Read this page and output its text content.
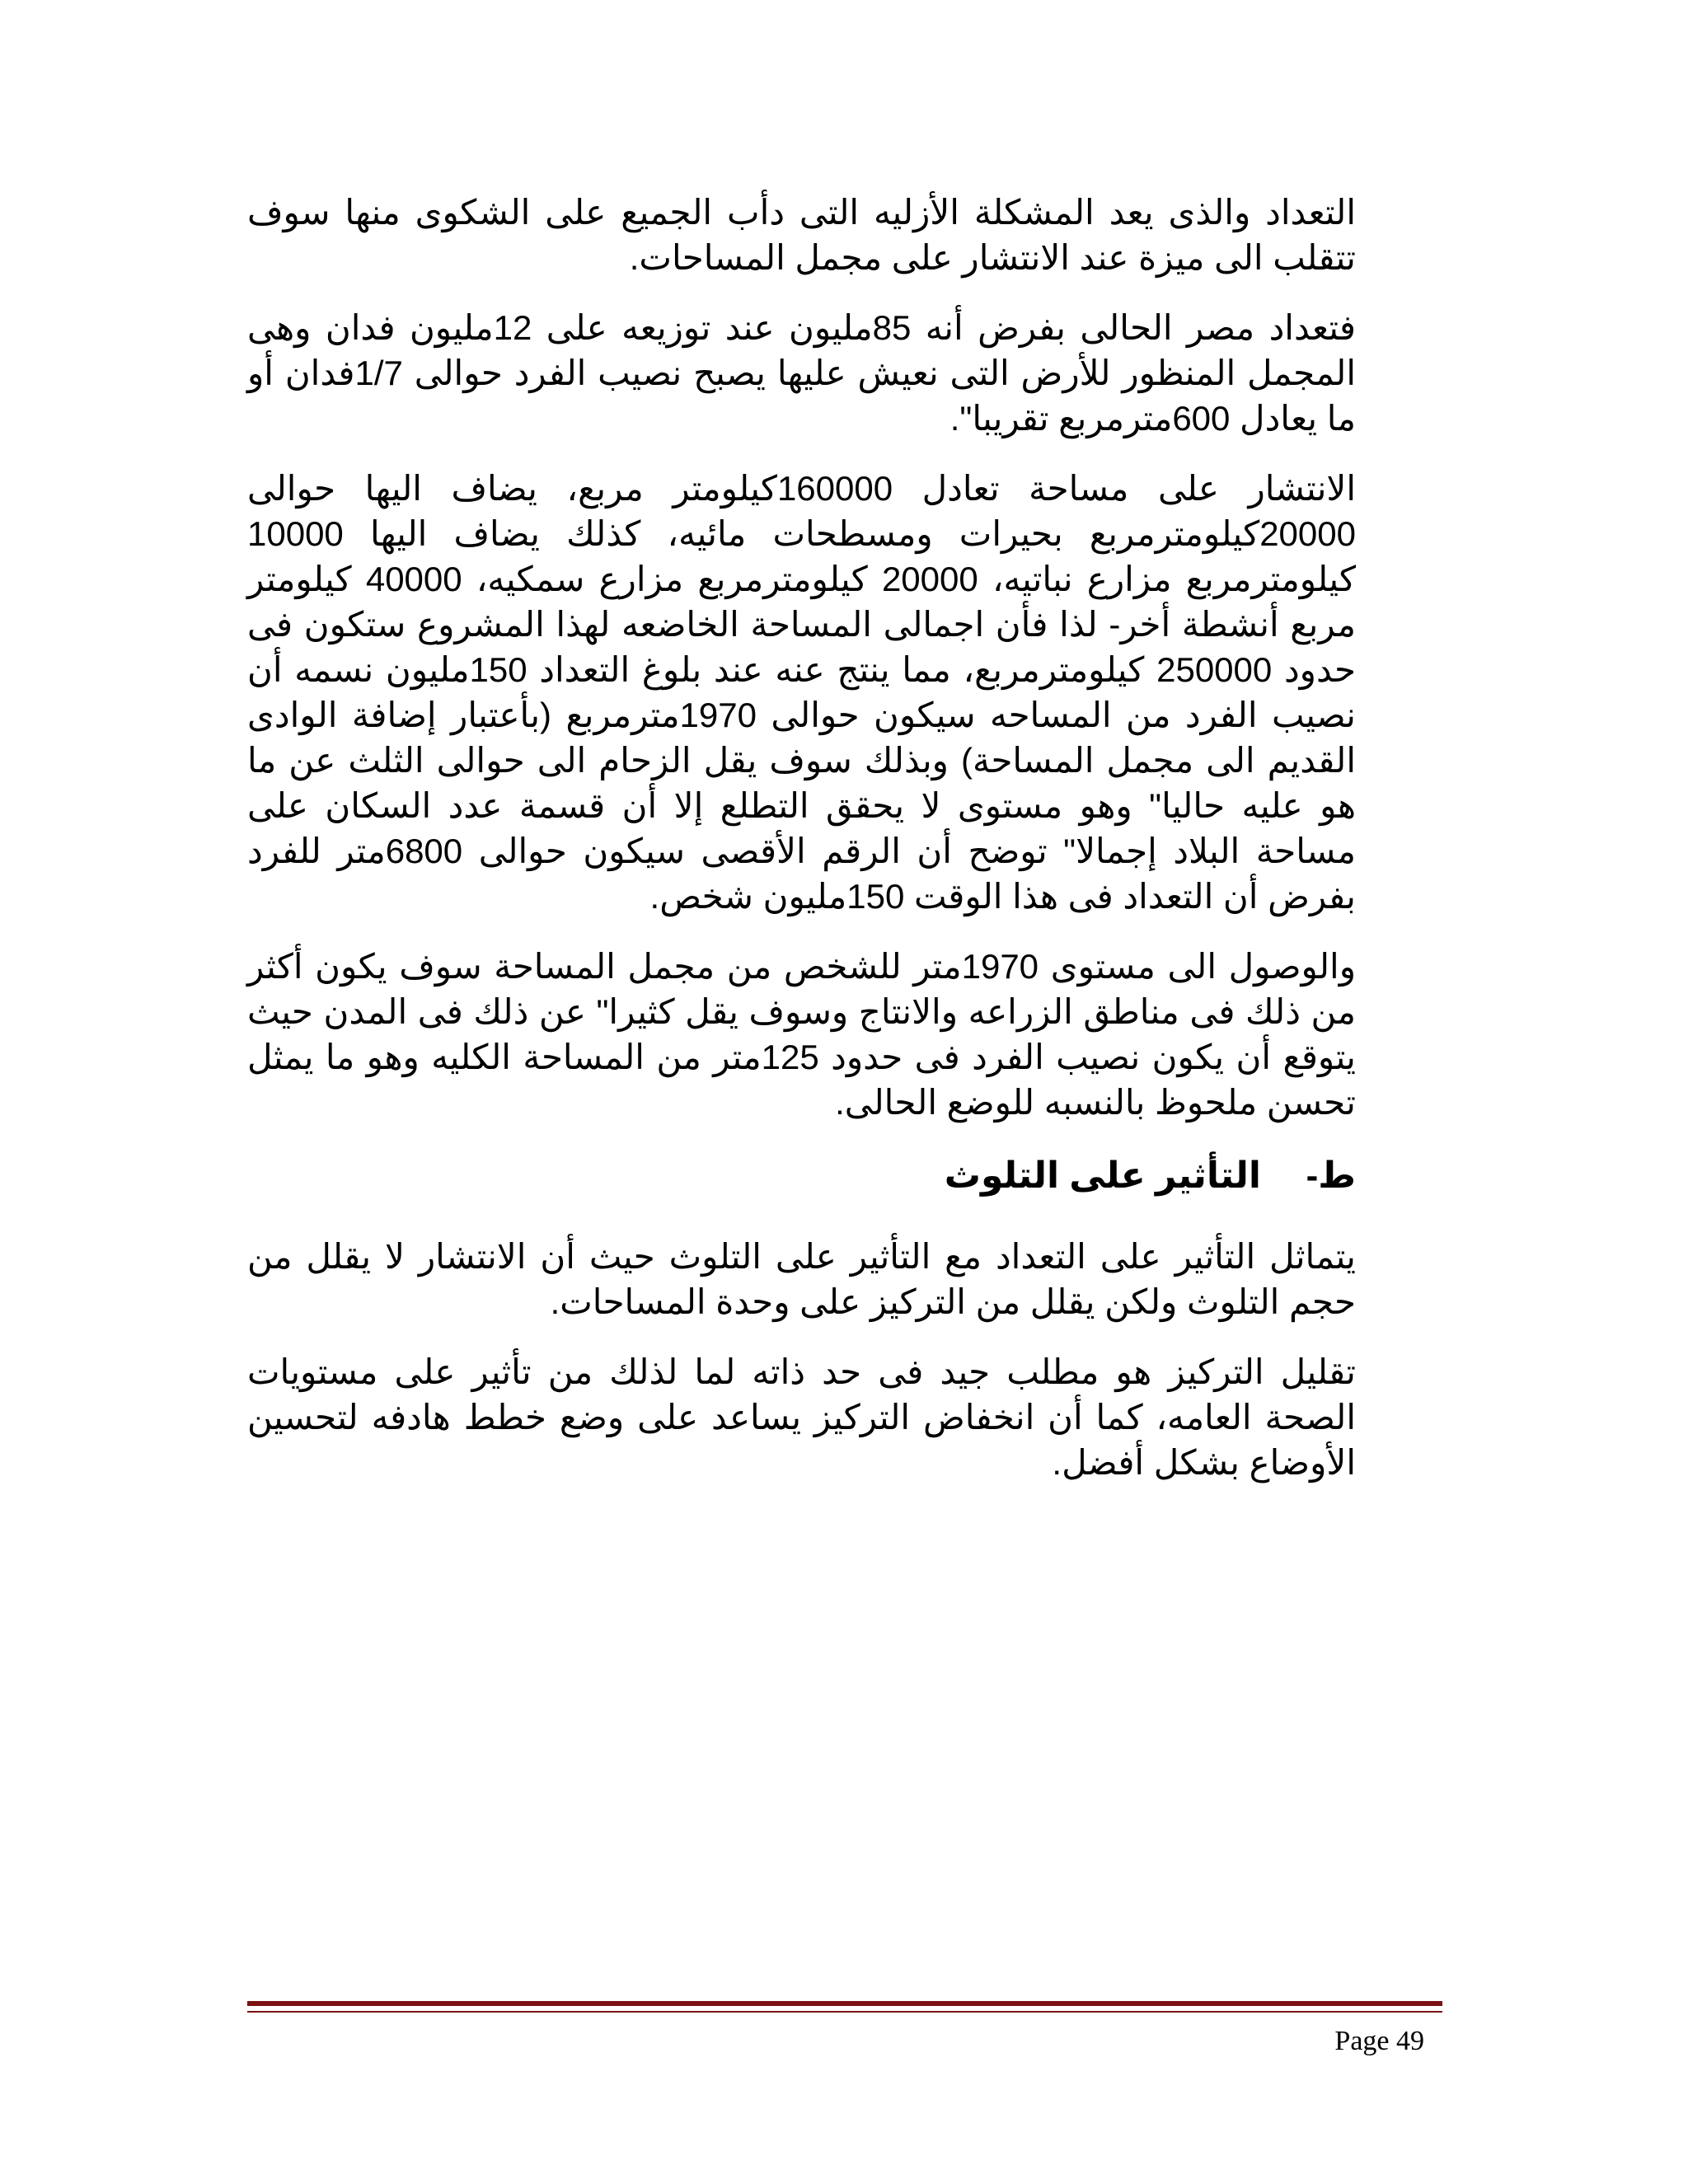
التعداد والذى يعد المشكلة الأزليه التى دأب الجميع على الشكوى منها سوف تتقلب الى ميزة عند الانتشار على مجمل المساحات.

فتعداد مصر الحالى بفرض أنه 85مليون عند توزيعه على 12مليون فدان وهى المجمل المنظور للأرض التى نعيش عليها يصبح نصيب الفرد حوالى 1/7فدان أو ما يعادل 600مترمربع تقريبا".

الانتشار على مساحة تعادل 160000كيلومتر مربع، يضاف اليها حوالى 20000كيلومترمربع بحيرات ومسطحات مائيه، كذلك يضاف اليها 10000 كيلومترمربع مزارع نباتيه، 20000 كيلومترمربع مزارع سمكيه، 40000 كيلومتر مربع أنشطة أخر- لذا فأن اجمالى المساحة الخاضعه لهذا المشروع ستكون فى حدود 250000 كيلومترمربع، مما ينتج عنه عند بلوغ التعداد 150مليون نسمه أن نصيب الفرد من المساحه سيكون حوالى 1970مترمربع (بأعتبار إضافة الوادى القديم الى مجمل المساحة) وبذلك سوف يقل الزحام الى حوالى الثلث عن ما هو عليه حاليا" وهو مستوى لا يحقق التطلع إلا أن قسمة عدد السكان على مساحة البلاد إجمالا" توضح أن الرقم الأقصى سيكون حوالى 6800متر للفرد بفرض أن التعداد فى هذا الوقت 150مليون شخص.

والوصول الى مستوى 1970متر للشخص من مجمل المساحة سوف يكون أكثر من ذلك فى مناطق الزراعه والانتاج وسوف يقل كثيرا" عن ذلك فى المدن حيث يتوقع أن يكون نصيب الفرد فى حدود 125متر من المساحة الكليه وهو ما يمثل تحسن ملحوظ بالنسبه للوضع الحالى.

ط-التأثير على التلوث

يتماثل التأثير على التعداد مع التأثير على التلوث حيث أن الانتشار لا يقلل من حجم التلوث ولكن يقلل من التركيز على وحدة المساحات.

تقليل التركيز هو مطلب جيد فى حد ذاته لما لذلك من تأثير على مستويات الصحة العامه، كما أن انخفاض التركيز يساعد على وضع خطط هادفه لتحسين الأوضاع بشكل أفضل.

Page 49
